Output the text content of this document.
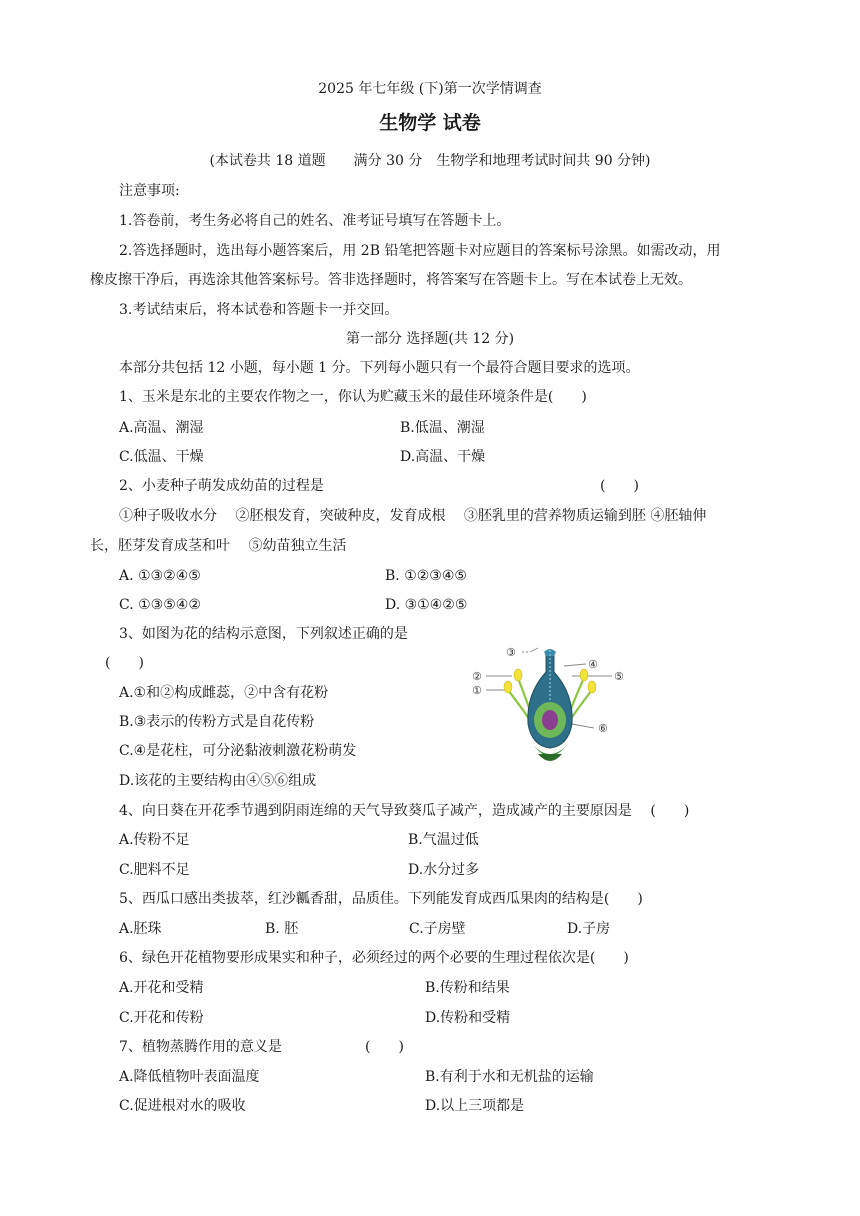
2025 年七年级 (下)第一次学情调查
生物学 试卷
(本试卷共 18 道题　　满分 30 分　生物学和地理考试时间共 90 分钟)
注意事项:
1.答卷前，考生务必将自己的姓名、准考证号填写在答题卡上。
2.答选择题时，选出每小题答案后，用 2B 铅笔把答题卡对应题目的答案标号涂黑。如需改动，用
橡皮擦干净后，再选涂其他答案标号。答非选择题时，将答案写在答题卡上。写在本试卷上无效。
3.考试结束后，将本试卷和答题卡一并交回。
第一部分 选择题(共 12 分)
本部分共包括 12 小题，每小题 1 分。下列每小题只有一个最符合题目要求的选项。
1、玉米是东北的主要农作物之一，你认为贮藏玉米的最佳环境条件是(　　)
A.高温、潮湿	B.低温、潮湿
C.低温、干燥	D.高温、干燥
2、小麦种子萌发成幼苗的过程是	(　　)
①种子吸收水分　 ②胚根发育，突破种皮，发育成根　 ③胚乳里的营养物质运输到胚 ④胚轴伸
长，胚芽发育成茎和叶　 ⑤幼苗独立生活
A. ①③②④⑤	B. ①②③④⑤
C. ①③⑤④②	D. ③①④②⑤
3、如图为花的结构示意图，下列叙述正确的是
(　　)
A.①和②构成雌蕊，②中含有花粉
B.③表示的传粉方式是自花传粉
C.④是花柱，可分泌黏液刺激花粉萌发
D.该花的主要结构由④⑤⑥组成
③
②
①
④
⑤
⑥
4、向日葵在开花季节遇到阴雨连绵的天气导致葵瓜子减产，造成减产的主要原因是　 (　　)
A.传粉不足	B.气温过低
C.肥料不足	D.水分过多
5、西瓜口感出类拔萃，红沙瓤香甜，品质佳。下列能发育成西瓜果肉的结构是(　　)
A.胚珠	B. 胚	C.子房壁	D.子房
6、绿色开花植物要形成果实和种子，必须经过的两个必要的生理过程依次是(　　)
A.开花和受精	B.传粉和结果
C.开花和传粉	D.传粉和受精
7、植物蒸腾作用的意义是	(　　)
A.降低植物叶表面温度	B.有利于水和无机盐的运输
C.促进根对水的吸收	D.以上三项都是
